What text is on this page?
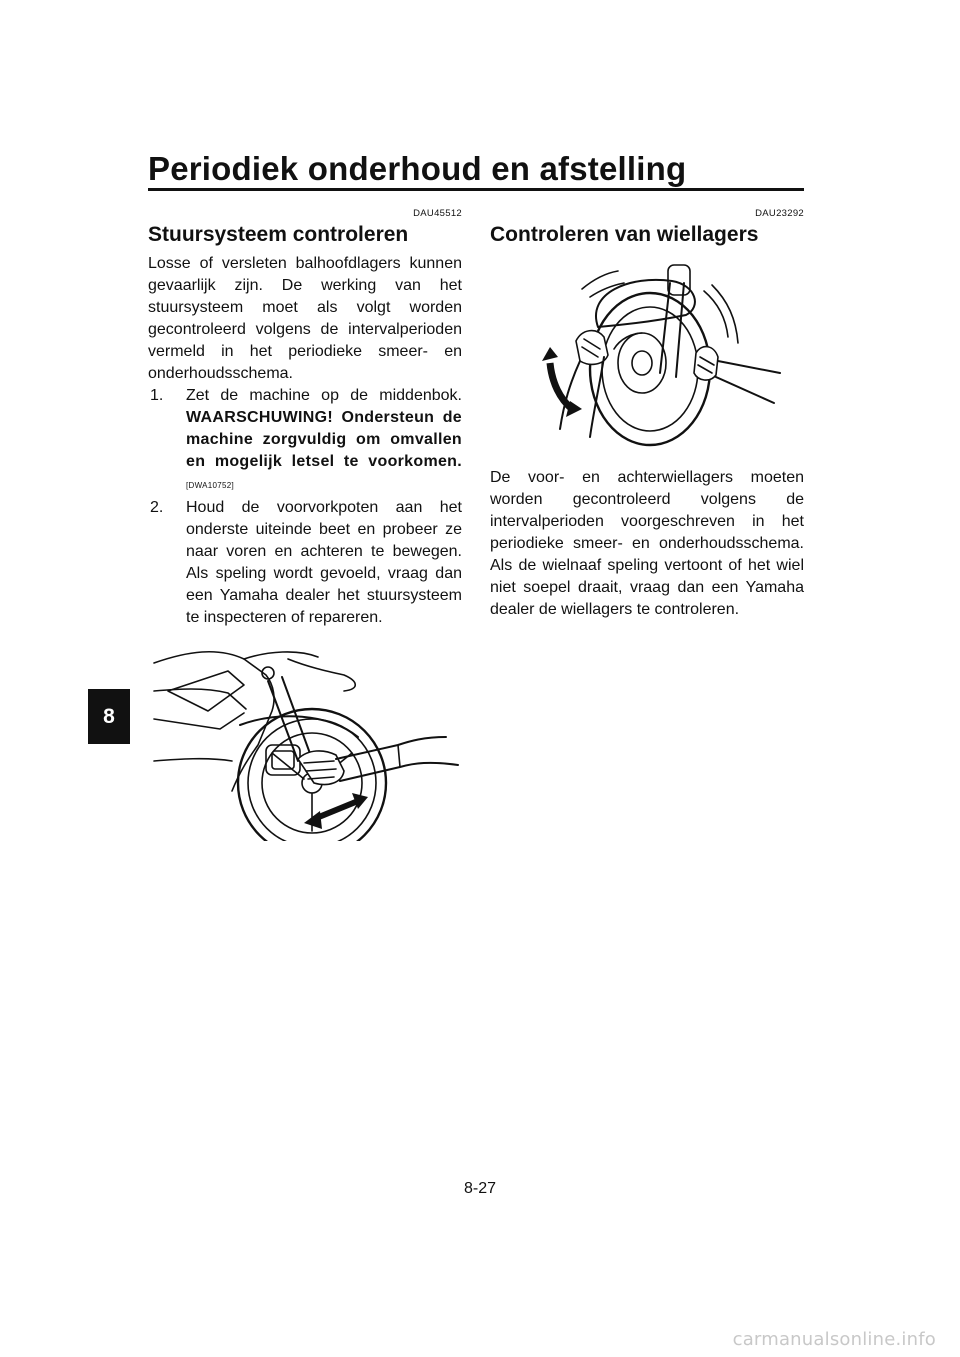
Periodiek onderhoud en afstelling
8
DAU45512
Stuursysteem controleren

Losse of versleten balhoofdlagers kunnen gevaarlijk zijn. De werking van het stuursysteem moet als volgt worden gecontroleerd volgens de intervalperioden vermeld in het periodieke smeer- en onderhoudsschema.

1. Zet de machine op de middenbok. WAARSCHUWING! Ondersteun de machine zorgvuldig om omvallen en mogelijk letsel te voorkomen.[DWA10752]
2. Houd de voorvorkpoten aan het onderste uiteinde beet en probeer ze naar voren en achteren te bewegen. Als speling wordt gevoeld, vraag dan een Yamaha dealer het stuursysteem te inspecteren of repareren.
DAU23292
Controleren van wiellagers

De voor- en achterwiellagers moeten worden gecontroleerd volgens de intervalperioden voorgeschreven in het periodieke smeer- en onderhoudsschema. Als de wielnaaf speling vertoont of het wiel niet soepel draait, vraag dan een Yamaha dealer de wiellagers te controleren.

8-27
carmanualsonline.info
